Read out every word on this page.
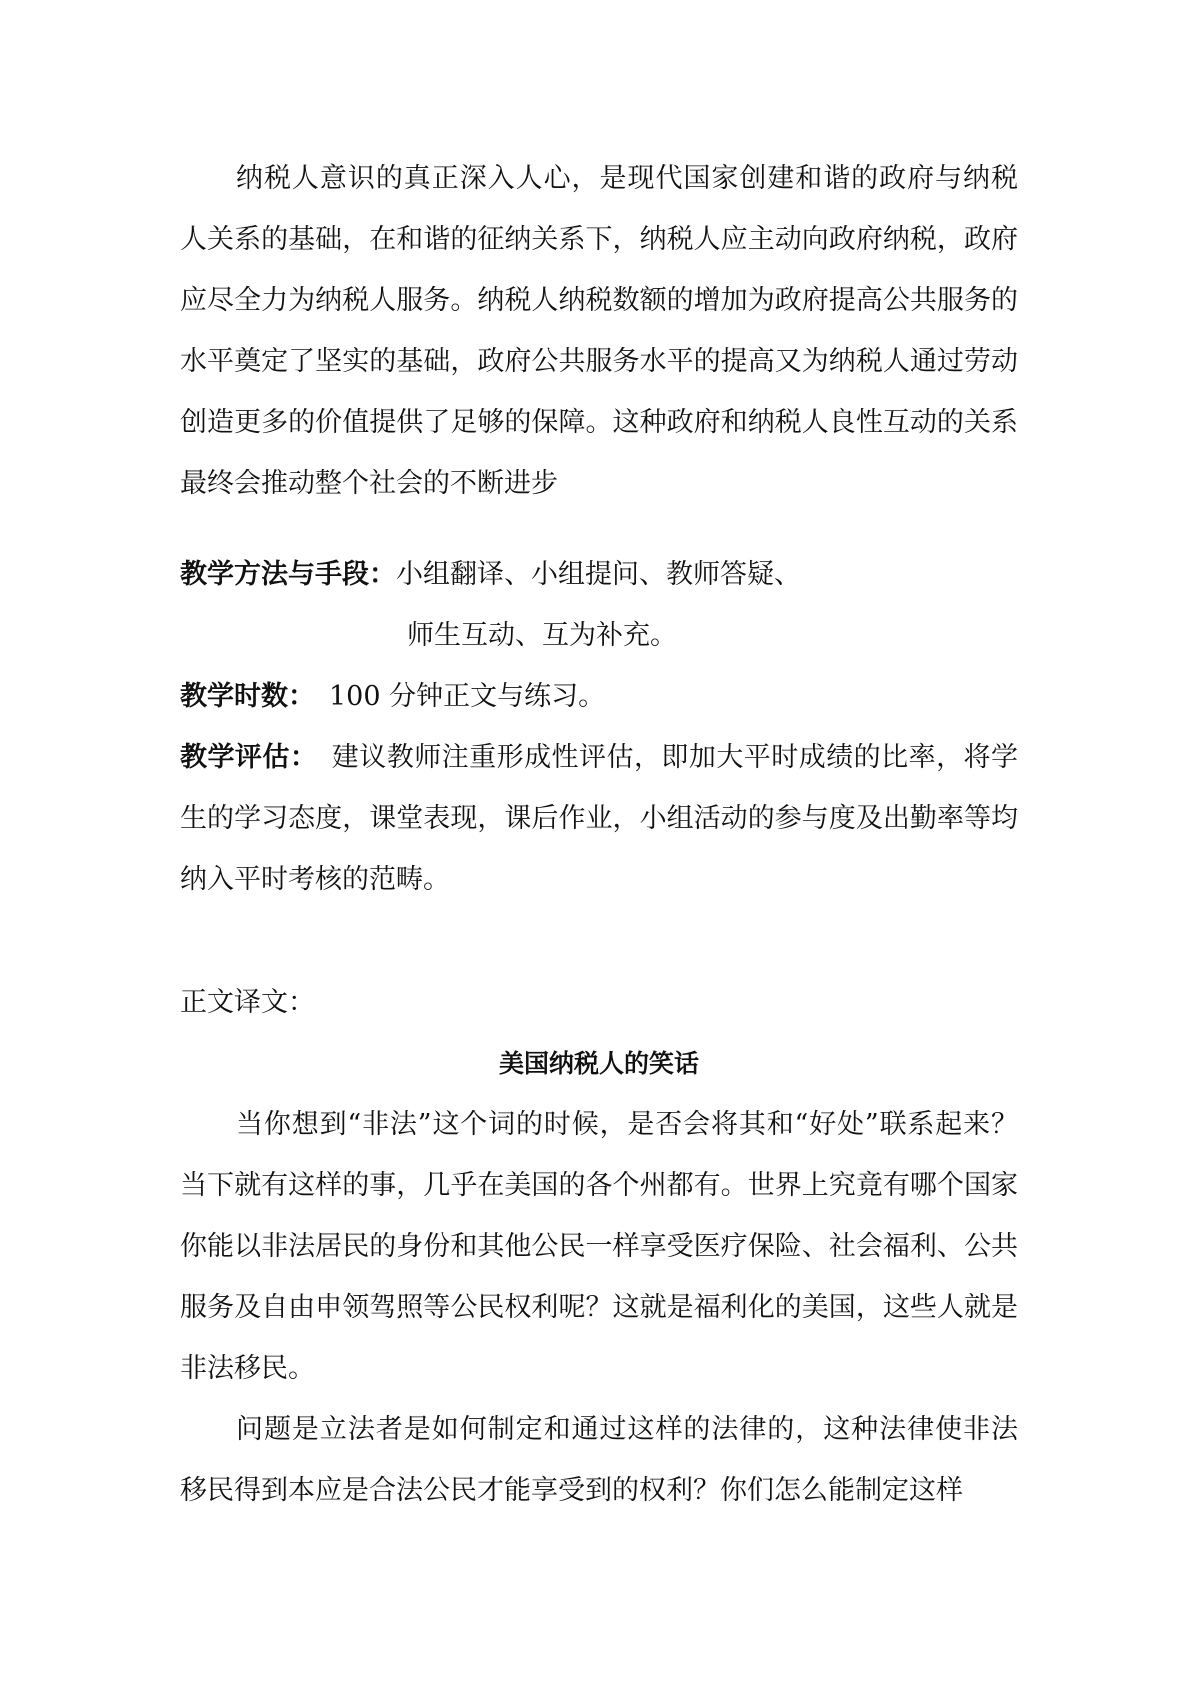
纳税人意识的真正深入人心，是现代国家创建和谐的政府与纳税人关系的基础，在和谐的征纳关系下，纳税人应主动向政府纳税，政府应尽全力为纳税人服务。纳税人纳税数额的增加为政府提高公共服务的水平奠定了坚实的基础，政府公共服务水平的提高又为纳税人通过劳动创造更多的价值提供了足够的保障。这种政府和纳税人良性互动的关系最终会推动整个社会的不断进步

教学方法与手段：小组翻译、小组提问、教师答疑、

师生互动、互为补充。

教学时数： 100 分钟正文与练习。

教学评估： 建议教师注重形成性评估，即加大平时成绩的比率，将学生的学习态度，课堂表现，课后作业，小组活动的参与度及出勤率等均纳入平时考核的范畴。

正文译文：

美国纳税人的笑话

当你想到“非法”这个词的时候，是否会将其和“好处”联系起来？当下就有这样的事，几乎在美国的各个州都有。世界上究竟有哪个国家你能以非法居民的身份和其他公民一样享受医疗保险、社会福利、公共服务及自由申领驾照等公民权利呢？这就是福利化的美国，这些人就是非法移民。

问题是立法者是如何制定和通过这样的法律的，这种法律使非法移民得到本应是合法公民才能享受到的权利？你们怎么能制定这样
